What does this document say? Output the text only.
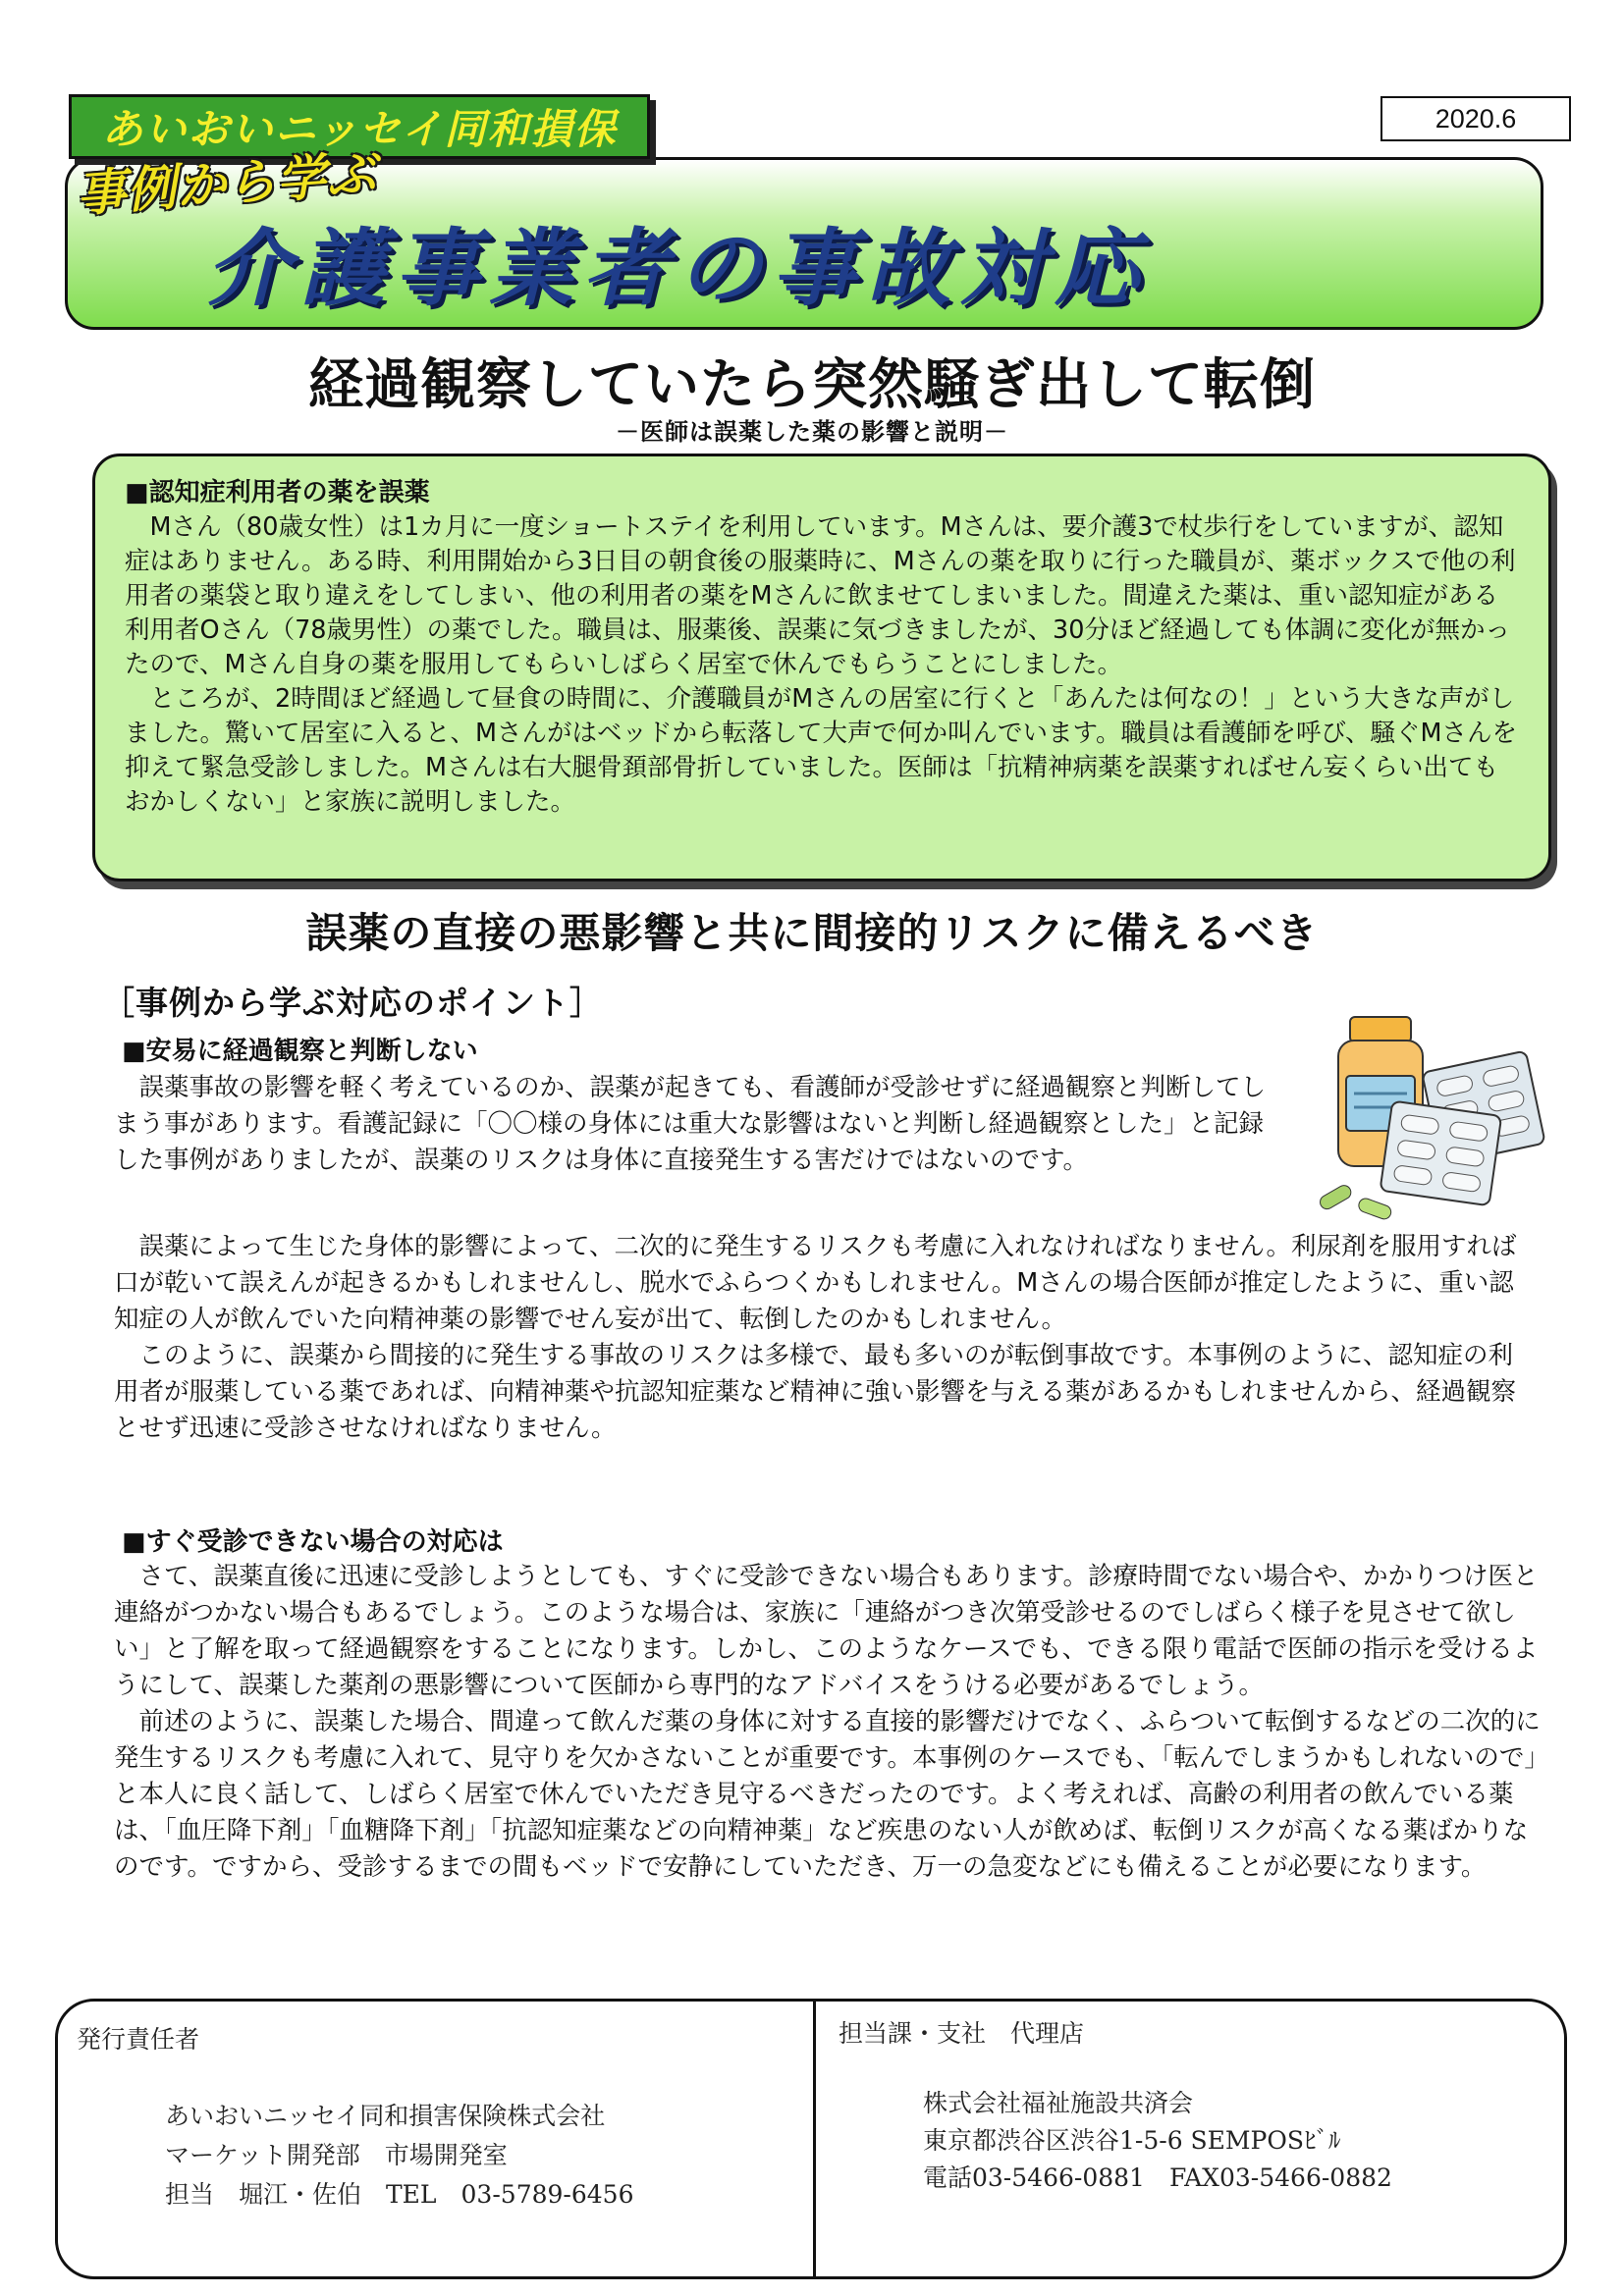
あいおいニッセイ同和損保	2020.6
事例から学ぶ
介護事業者の事故対応
経過観察していたら突然騒ぎ出して転倒
－医師は誤薬した薬の影響と説明－

■認知症利用者の薬を誤薬

Mさん（80歳女性）は1カ月に一度ショートステイを利用しています。Mさんは、要介護3で杖歩行をしていますが、認知症はありません。ある時、利用開始から3日目の朝食後の服薬時に、Mさんの薬を取りに行った職員が、薬ボックスで他の利用者の薬袋と取り違えをしてしまい、他の利用者の薬をMさんに飲ませてしまいました。間違えた薬は、重い認知症がある利用者Oさん（78歳男性）の薬でした。職員は、服薬後、誤薬に気づきましたが、30分ほど経過しても体調に変化が無かったので、Mさん自身の薬を服用してもらいしばらく居室で休んでもらうことにしました。

ところが、2時間ほど経過して昼食の時間に、介護職員がMさんの居室に行くと「あんたは何なの！」という大きな声がしました。驚いて居室に入ると、Mさんがはベッドから転落して大声で何か叫んでいます。職員は看護師を呼び、騒ぐMさんを抑えて緊急受診しました。Mさんは右大腿骨頚部骨折していました。医師は「抗精神病薬を誤薬すればせん妄くらい出てもおかしくない」と家族に説明しました。

誤薬の直接の悪影響と共に間接的リスクに備えるべき
［事例から学ぶ対応のポイント］
■安易に経過観察と判断しない

誤薬事故の影響を軽く考えているのか、誤薬が起きても、看護師が受診せずに経過観察と判断してしまう事があります。看護記録に「〇〇様の身体には重大な影響はないと判断し経過観察とした」と記録した事例がありましたが、誤薬のリスクは身体に直接発生する害だけではないのです。

誤薬によって生じた身体的影響によって、二次的に発生するリスクも考慮に入れなければなりません。利尿剤を服用すれば口が乾いて誤えんが起きるかもしれませんし、脱水でふらつくかもしれません。Mさんの場合医師が推定したように、重い認知症の人が飲んでいた向精神薬の影響でせん妄が出て、転倒したのかもしれません。

このように、誤薬から間接的に発生する事故のリスクは多様で、最も多いのが転倒事故です。本事例のように、認知症の利用者が服薬している薬であれば、向精神薬や抗認知症薬など精神に強い影響を与える薬があるかもしれませんから、経過観察とせず迅速に受診させなければなりません。

■すぐ受診できない場合の対応は

さて、誤薬直後に迅速に受診しようとしても、すぐに受診できない場合もあります。診療時間でない場合や、かかりつけ医と連絡がつかない場合もあるでしょう。このような場合は、家族に「連絡がつき次第受診せるのでしばらく様子を見させて欲しい」と了解を取って経過観察をすることになります。しかし、このようなケースでも、できる限り電話で医師の指示を受けるようにして、誤薬した薬剤の悪影響について医師から専門的なアドバイスをうける必要があるでしょう。

前述のように、誤薬した場合、間違って飲んだ薬の身体に対する直接的影響だけでなく、ふらついて転倒するなどの二次的に発生するリスクも考慮に入れて、見守りを欠かさないことが重要です。本事例のケースでも、「転んでしまうかもしれないので」と本人に良く話して、しばらく居室で休んでいただき見守るべきだったのです。よく考えれば、高齢の利用者の飲んでいる薬は、「血圧降下剤」「血糖降下剤」「抗認知症薬などの向精神薬」など疾患のない人が飲めば、転倒リスクが高くなる薬ばかりなのです。ですから、受診するまでの間もベッドで安静にしていただき、万一の急変などにも備えることが必要になります。

発行責任者
あいおいニッセイ同和損害保険株式会社
マーケット開発部　市場開発室
担当　堀江・佐伯　TEL　03-5789-6456
担当課・支社　代理店
株式会社福祉施設共済会
東京都渋谷区渋谷1-5-6 SEMPOSﾋﾞﾙ
電話03-5466-0881　FAX03-5466-0882
